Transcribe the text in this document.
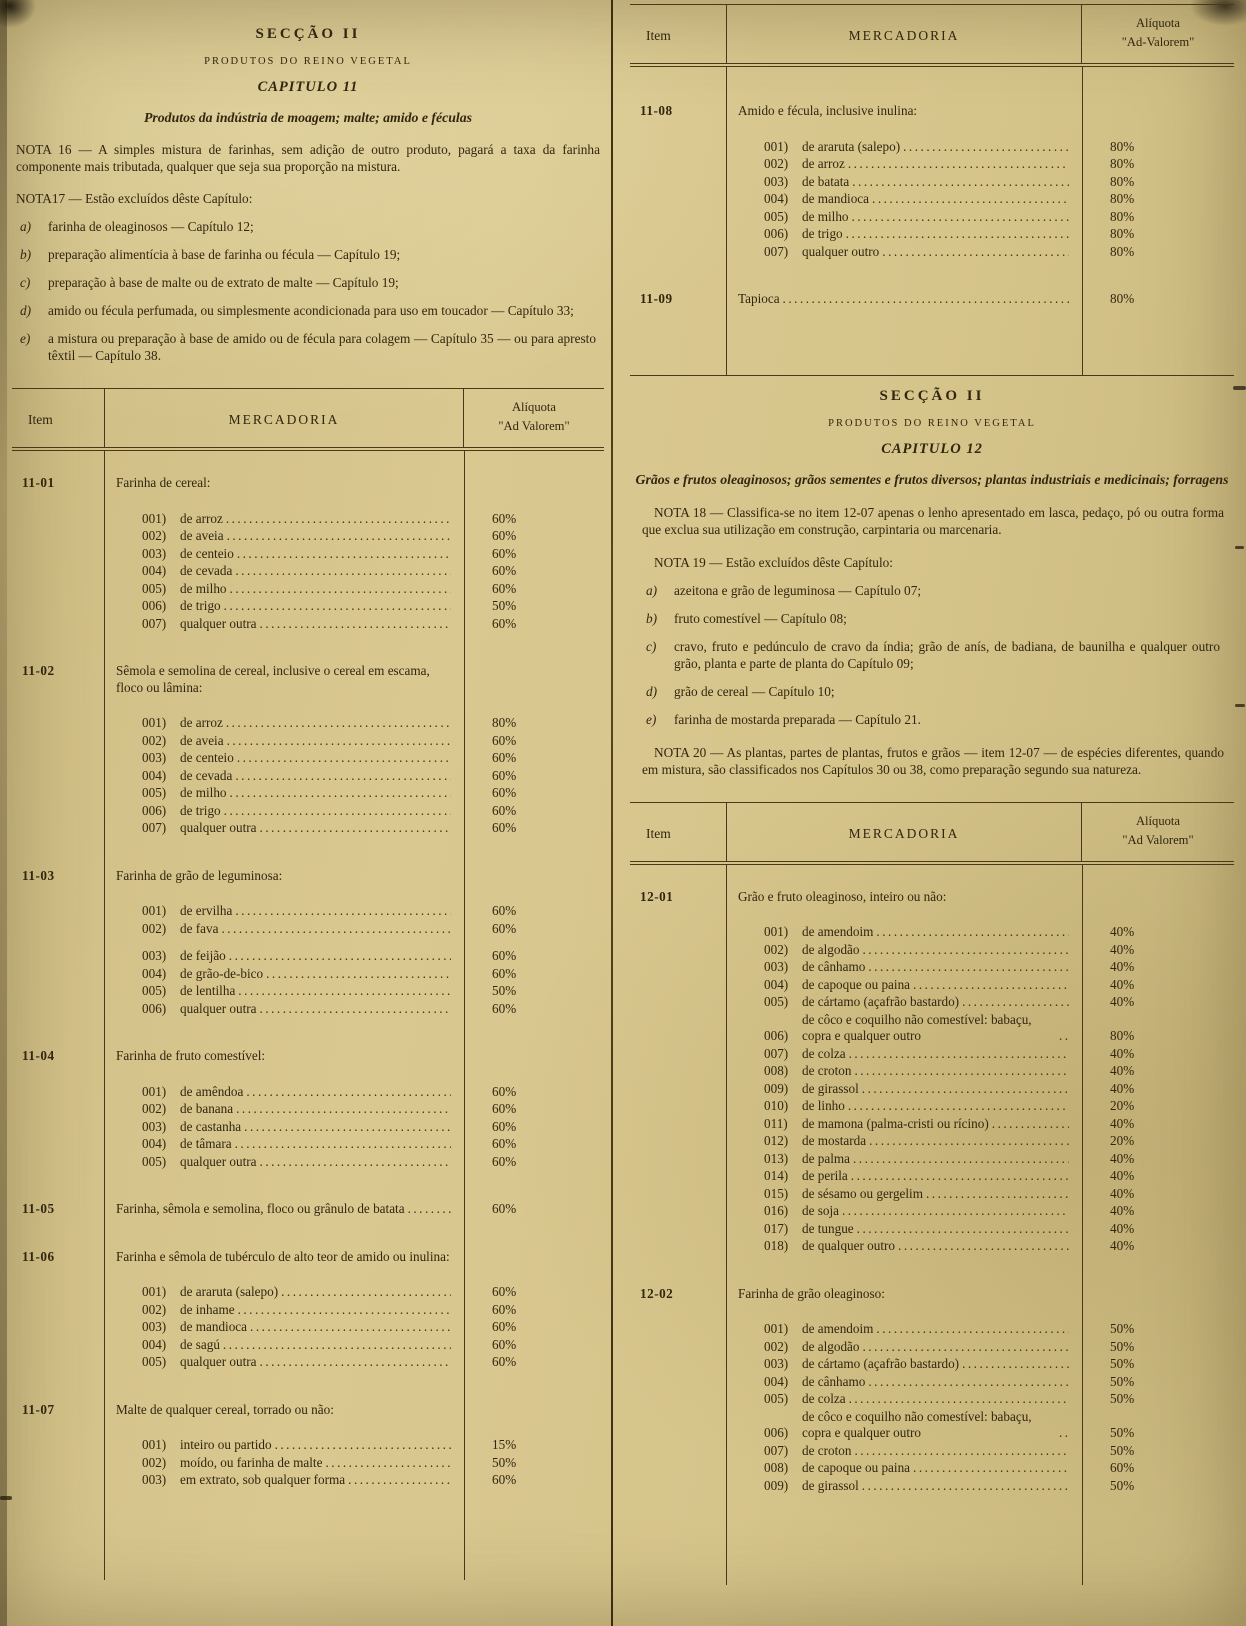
SECÇÃO II
PRODUTOS DO REINO VEGETAL
CAPITULO 11
Produtos da indústria de moagem; malte; amido e féculas

NOTA 16 — A simples mistura de farinhas, sem adição de outro produto, pagará a taxa da farinha componente mais tributada, qualquer que seja sua proporção na mistura.

NOTA17 — Estão excluídos dêste Capítulo:

a)	farinha de oleaginosos — Capítulo 12;
b)	preparação alimentícia à base de farinha ou fécula — Capítulo 19;
c)	preparação à base de malte ou de extrato de malte — Capítulo 19;
d)	amido ou fécula perfumada, ou simplesmente acondicionada para uso em toucador — Capítulo 33;
e)	a mistura ou preparação à base de amido ou de fécula para colagem — Capítulo 35 — ou para apresto têxtil — Capítulo 38.
Item	MERCADORIA
Alíquota
"Ad Valorem"
11-01	Farinha de cereal:
001)	de arroz .....	60%
002)	de aveia .....	60%
003)	de centeio .....	60%
004)	de cevada .....	60%
005)	de milho .....	60%
006)	de trigo .....	50%
007)	qualquer outra .....	60%
11-02	Sêmola e semolina de cereal, inclusive o cereal em escama, floco ou lâmina:
001)	de arroz .....	80%
002)	de aveia .....	60%
003)	de centeio .....	60%
004)	de cevada .....	60%
005)	de milho .....	60%
006)	de trigo .....	60%
007)	qualquer outra .....	60%
11-03	Farinha de grão de leguminosa:
001)	de ervilha .....	60%
002)	de fava .....	60%
003)	de feijão .....	60%
004)	de grão-de-bico .....	60%
005)	de lentilha .....	50%
006)	qualquer outra .....	60%
11-04	Farinha de fruto comestível:
001)	de amêndoa .....	60%
002)	de banana .....	60%
003)	de castanha .....	60%
004)	de tâmara .....	60%
005)	qualquer outra .....	60%
11-05	Farinha, sêmola e semolina, floco ou grânulo de batata .....	60%
11-06	Farinha e sêmola de tubérculo de alto teor de amido ou inulina:
001)	de araruta (salepo) .....	60%
002)	de inhame .....	60%
003)	de mandioca .....	60%
004)	de sagú .....	60%
005)	qualquer outra .....	60%
11-07	Malte de qualquer cereal, torrado ou não:
001)	inteiro ou partido .....	15%
002)	moído, ou farinha de malte .....	50%
003)	em extrato, sob qualquer forma .....	60%
Item	MERCADORIA
Alíquota
"Ad-Valorem"
11-08	Amido e fécula, inclusive inulina:
001)	de araruta (salepo) .....	80%
002)	de arroz .....	80%
003)	de batata .....	80%
004)	de mandioca .....	80%
005)	de milho .....	80%
006)	de trigo .....	80%
007)	qualquer outro .....	80%
11-09	Tapioca .....	80%
SECÇÃO II
PRODUTOS DO REINO VEGETAL
CAPITULO 12
Grãos e frutos oleaginosos; grãos sementes e frutos diversos; plantas industriais e medicinais; forragens

NOTA 18 — Classifica-se no item 12-07 apenas o lenho apresentado em lasca, pedaço, pó ou outra forma que exclua sua utilização em construção, carpintaria ou marcenaria.

NOTA 19 — Estão excluídos dêste Capítulo:

a)	azeitona e grão de leguminosa — Capítulo 07;
b)	fruto comestível — Capítulo 08;
c)	cravo, fruto e pedúnculo de cravo da índia; grão de anís, de badiana, de baunilha e qualquer outro grão, planta e parte de planta do Capítulo 09;
d)	grão de cereal — Capítulo 10;
e)	farinha de mostarda preparada — Capítulo 21.

NOTA 20 — As plantas, partes de plantas, frutos e grãos — item 12-07 — de espécies diferentes, quando em mistura, são classificados nos Capítulos 30 ou 38, como preparação segundo sua natureza.

Item	MERCADORIA
Alíquota
"Ad Valorem"
12-01	Grão e fruto oleaginoso, inteiro ou não:
001)	de amendoim .....	40%
002)	de algodão .....	40%
003)	de cânhamo .....	40%
004)	de capoque ou paina .....	40%
005)	de cártamo (açafrão bastardo) .....	40%
006)
de côco e coquilho não comestível: babaçu, copra e qualquer outro .....	80%
007)	de colza .....	40%
008)	de croton .....	40%
009)	de girassol .....	40%
010)	de linho .....	20%
011)	de mamona (palma-cristi ou rícino) .....	40%
012)	de mostarda .....	20%
013)	de palma .....	40%
014)	de perila .....	40%
015)	de sésamo ou gergelim .....	40%
016)	de soja .....	40%
017)	de tungue .....	40%
018)	de qualquer outro .....	40%
12-02	Farinha de grão oleaginoso:
001)	de amendoim .....	50%
002)	de algodão .....	50%
003)	de cártamo (açafrão bastardo) .....	50%
004)	de cânhamo .....	50%
005)	de colza .....	50%
006)
de côco e coquilho não comestível: babaçu, copra e qualquer outro .....	50%
007)	de croton .....	50%
008)	de capoque ou paina .....	60%
009)	de girassol .....	50%
